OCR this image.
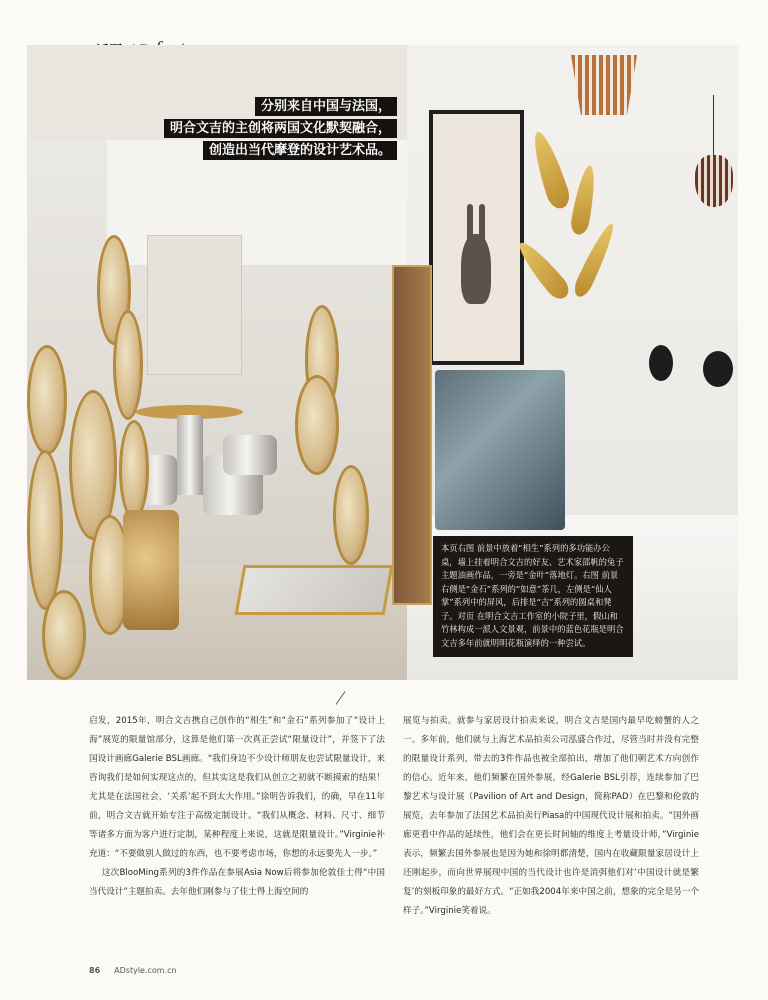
分别来自中国与法国，
明合文吉的主创将两国文化默契融合，
创造出当代摩登的设计艺术品。
本页右图 前景中放着“相生”系列的多功能办公桌，墙上挂着明合文吉的好友、艺术家邵帆的兔子主题油画作品，一旁是“金叶”落地灯。右图 前景右侧是“金石”系列的“如意”茶几，左侧是“仙人掌”系列中的屏风，后排是“吉”系列的圆桌和凳子。对页 在明合文吉工作室的小院子里，假山和竹林构成一派人文景观，前景中的蓝色花瓶是明合文吉多年前就明明花瓶演绎的一种尝试。

启发，2015年，明合文吉携自己创作的“相生”和“金石”系列参加了“设计上海”展览的限量馆部分，这算是他们第一次真正尝试“限量设计”，并签下了法国设计画廊Galerie BSL画廊。“我们身边不少设计师朋友也尝试限量设计，来咨询我们是如何实现这点的，但其实这是我们从创立之初就不断摸索的结果！尤其是在法国社会，‘关系’起不到太大作用。”徐明告诉我们，的确，早在11年前，明合文吉就开始专注于高级定制设计。“我们从概念、材料、尺寸、细节等诸多方面为客户进行定制，某种程度上来说，这就是限量设计。”Virginie补充道：“不要做别人做过的东西，也不要考虑市场，你想的永远要先人一步。”

这次BlooMing系列的3件作品在参展Asia Now后将参加伦敦佳士得“中国当代设计”主题拍卖。去年他们刚参与了佳士得上海空间的

展览与拍卖。就参与家居设计拍卖来说，明合文吉是国内最早吃螃蟹的人之一。多年前，他们就与上海艺术品拍卖公司泓盛合作过，尽管当时并没有完整的限量设计系列，带去的3件作品也被全部拍出，增加了他们朝艺术方向创作的信心。近年来，他们频繁在国外参展，经Galerie BSL引荐，连续参加了巴黎艺术与设计展（Pavilion of Art and Design，简称PAD）在巴黎和伦敦的展览，去年参加了法国艺术品拍卖行Piasa的中国现代设计展和拍卖。“国外画廊更看中作品的延续性，他们会在更长时间轴的维度上考量设计师，”Virginie表示，频繁去国外参展也是因为她和徐明都清楚，国内在收藏限量家居设计上还刚起步，而向世界展现中国的当代设计也许是消弭他们对‘中国设计就是繁复’的刻板印象的最好方式。“正如我2004年来中国之前，想象的完全是另一个样子。”Virginie笑着说。

86 ADstyle.com.cn
